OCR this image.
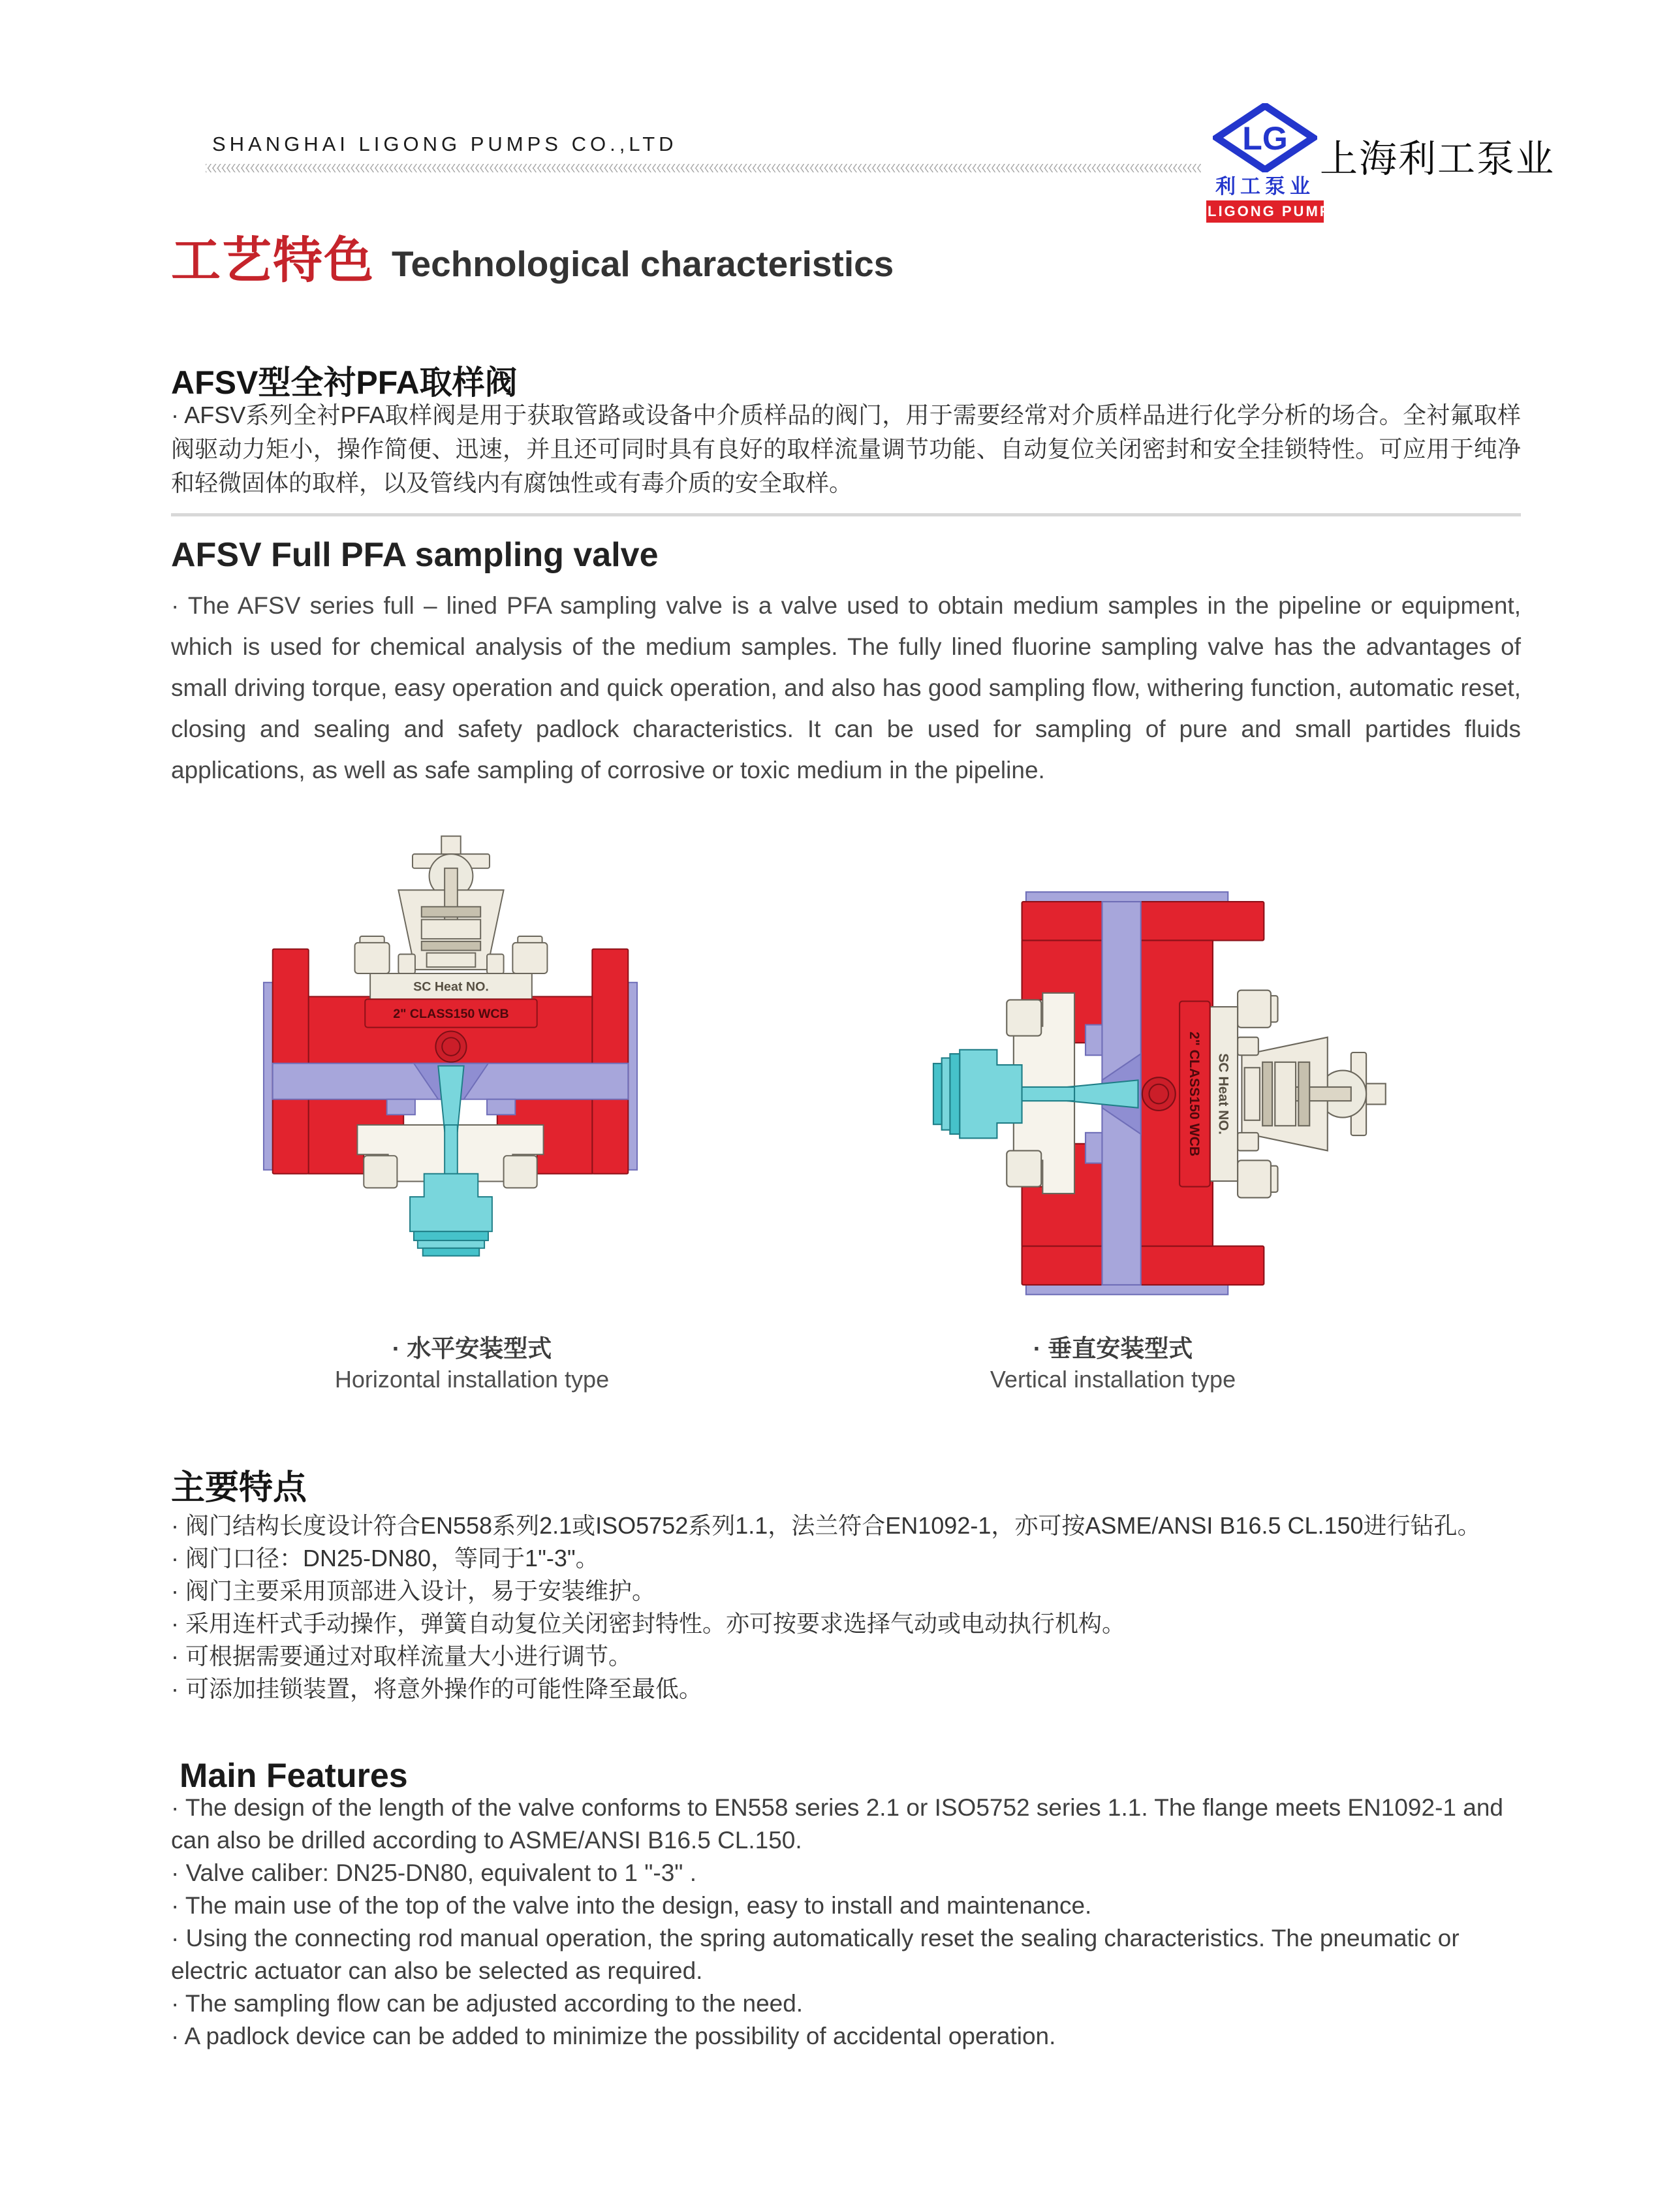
SHANGHAI LIGONG PUMPS CO.,LTD	LG
利工泵业
LIGONG PUMP
上海利工泵业
工艺特色 Technological characteristics
AFSV型全衬PFA取样阀
· AFSV系列全衬PFA取样阀是用于获取管路或设备中介质样品的阀门，用于需要经常对介质样品进行化学分析的场合。全衬氟取样阀驱动力矩小，操作简便、迅速，并且还可同时具有良好的取样流量调节功能、自动复位关闭密封和安全挂锁特性。可应用于纯净和轻微固体的取样，以及管线内有腐蚀性或有毒介质的安全取样。
AFSV Full PFA sampling valve
· The AFSV series full – lined PFA sampling valve is a valve used to obtain medium samples in the pipeline or equipment, which is used for chemical analysis of the medium samples. The fully lined fluorine sampling valve has the advantages of small driving torque, easy operation and quick operation, and also has good sampling flow, withering function, automatic reset, closing and sealing and safety padlock characteristics. It can be used for sampling of pure and small partides fluids applications, as well as safe sampling of corrosive or toxic medium in the pipeline.
· 水平安装型式
Horizontal installation type
· 垂直安装型式
Vertical installation type
主要特点

· 阀门结构长度设计符合EN558系列2.1或ISO5752系列1.1，法兰符合EN1092-1，亦可按ASME/ANSI B16.5 CL.150进行钻孔。

· 阀门口径：DN25-DN80，等同于1"-3"。

· 阀门主要采用顶部进入设计，易于安装维护。

· 采用连杆式手动操作，弹簧自动复位关闭密封特性。亦可按要求选择气动或电动执行机构。

· 可根据需要通过对取样流量大小进行调节。

· 可添加挂锁装置，将意外操作的可能性降至最低。

Main Features

· The design of the length of the valve conforms to EN558 series 2.1 or ISO5752 series 1.1. The flange meets EN1092-1 and can also be drilled according to ASME/ANSI B16.5 CL.150.

· Valve caliber: DN25-DN80, equivalent to 1 "-3" .

· The main use of the top of the valve into the design, easy to install and maintenance.

· Using the connecting rod manual operation, the spring automatically reset the sealing characteristics. The pneumatic or electric actuator can also be selected as required.

· The sampling flow can be adjusted according to the need.

· A padlock device can be added to minimize the possibility of accidental operation.
